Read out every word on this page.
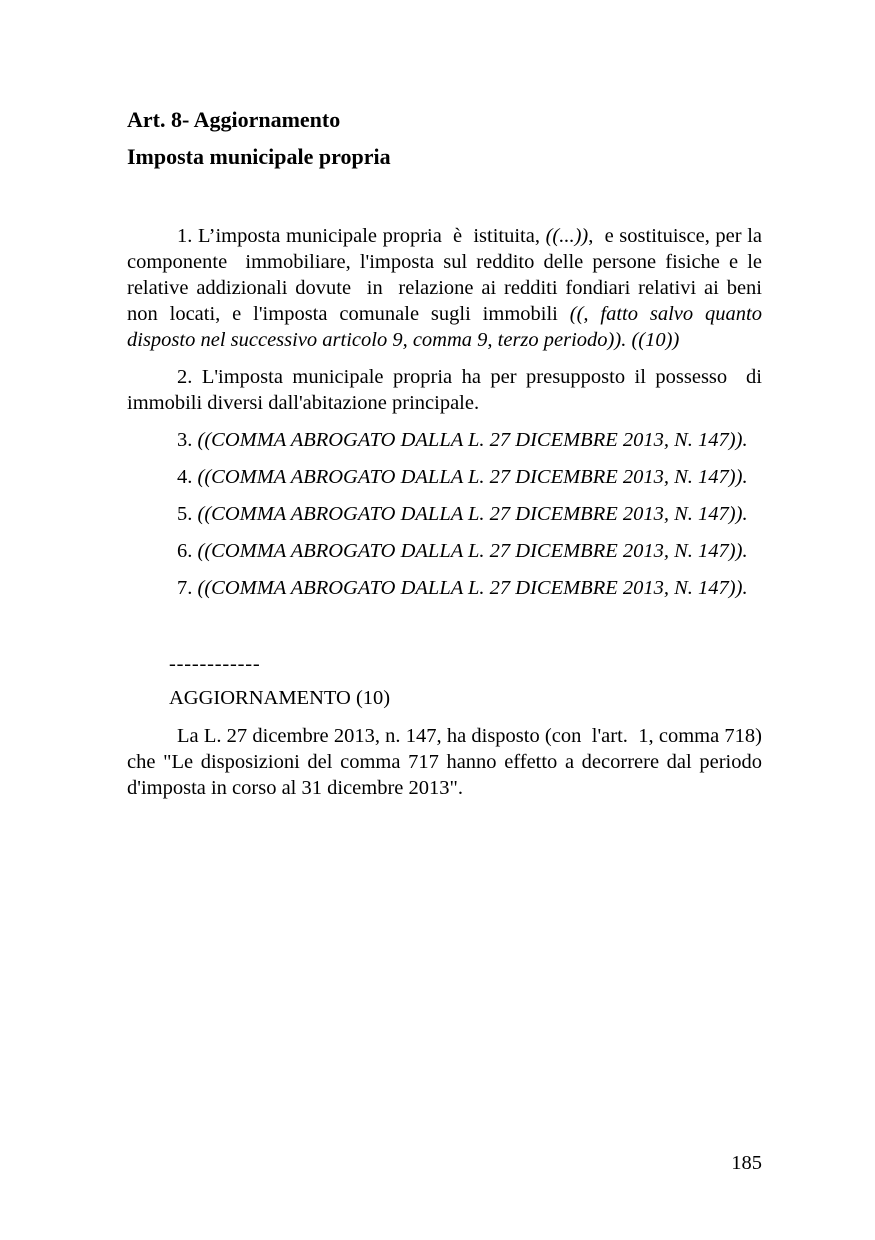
Art. 8- Aggiornamento
Imposta municipale propria

1. L’imposta municipale propria  è  istituita, ((...)),  e sostituisce, per la componente  immobiliare, l'imposta sul reddito delle persone fisiche e le relative addizionali dovute  in  relazione ai redditi fondiari relativi ai beni non locati, e l'imposta comunale sugli immobili ((, fatto salvo quanto disposto nel successivo articolo 9, comma 9, terzo periodo)). ((10))

2. L'imposta municipale propria ha per presupposto il possesso  di immobili diversi dall'abitazione principale.

3. ((COMMA ABROGATO DALLA L. 27 DICEMBRE 2013, N. 147)).

4. ((COMMA ABROGATO DALLA L. 27 DICEMBRE 2013, N. 147)).

5. ((COMMA ABROGATO DALLA L. 27 DICEMBRE 2013, N. 147)).

6. ((COMMA ABROGATO DALLA L. 27 DICEMBRE 2013, N. 147)).

7. ((COMMA ABROGATO DALLA L. 27 DICEMBRE 2013, N. 147)).

------------
AGGIORNAMENTO (10)

La L. 27 dicembre 2013, n. 147, ha disposto (con  l'art.  1, comma 718) che "Le disposizioni del comma 717 hanno effetto a decorrere dal periodo d'imposta in corso al 31 dicembre 2013".

185
